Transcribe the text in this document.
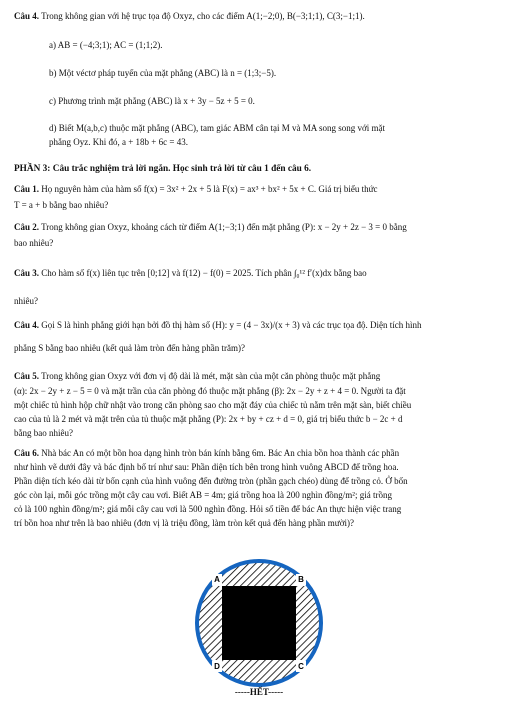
Câu 4. Trong không gian với hệ trục tọa độ Oxyz, cho các điểm A(1;−2;0), B(−3;1;1), C(3;−1;1).
a) AB = (−4;3;1); AC = (1;1;2).
b) Một véctơ pháp tuyến của mặt phẳng (ABC) là n = (1;3;−5).
c) Phương trình mặt phẳng (ABC) là x + 3y − 5z + 5 = 0.
d) Biết M(a,b,c) thuộc mặt phẳng (ABC), tam giác ABM cân tại M và MA song song với mặt
phẳng Oyz. Khi đó, a + 18b + 6c = 43.
PHẦN 3: Câu trắc nghiệm trả lời ngắn. Học sinh trả lời từ câu 1 đến câu 6.
Câu 1. Họ nguyên hàm của hàm số f(x) = 3x² + 2x + 5 là F(x) = ax³ + bx² + 5x + C. Giá trị biểu thức
T = a + b bằng bao nhiêu?
Câu 2. Trong không gian Oxyz, khoảng cách từ điểm A(1;−3;1) đến mặt phẳng (P): x − 2y + 2z − 3 = 0 bằng
bao nhiêu?
Câu 3. Cho hàm số f(x) liên tục trên [0;12] và f(12) − f(0) = 2025. Tích phân ∫₀¹² f′(x)dx bằng bao
nhiêu?
Câu 4. Gọi S là hình phẳng giới hạn bởi đồ thị hàm số (H): y = (4 − 3x)/(x + 3) và các trục tọa độ. Diện tích hình
phẳng S bằng bao nhiêu (kết quả làm tròn đến hàng phần trăm)?
Câu 5. Trong không gian Oxyz với đơn vị độ dài là mét, mặt sàn của một căn phòng thuộc mặt phẳng
(α): 2x − 2y + z − 5 = 0 và mặt trần của căn phòng đó thuộc mặt phẳng (β): 2x − 2y + z + 4 = 0. Người ta đặt
một chiếc tủ hình hộp chữ nhật vào trong căn phòng sao cho mặt đáy của chiếc tủ nằm trên mặt sàn, biết chiều
cao của tủ là 2 mét và mặt trên của tủ thuộc mặt phẳng (P): 2x + by + cz + d = 0, giá trị biểu thức b − 2c + d
bằng bao nhiêu?
Câu 6. Nhà bác An có một bồn hoa dạng hình tròn bán kính bằng 6m. Bác An chia bồn hoa thành các phần
như hình vẽ dưới đây và bác định bố trí như sau: Phần diện tích bên trong hình vuông ABCD để trồng hoa.
Phần diện tích kéo dài từ bốn cạnh của hình vuông đến đường tròn (phần gạch chéo) dùng để trồng cỏ. Ở bốn
góc còn lại, mỗi góc trồng một cây cau vơi. Biết AB = 4m; giá trồng hoa là 200 nghìn đồng/m²; giá trồng
cỏ là 100 nghìn đồng/m²; giá mỗi cây cau vơi là 500 nghìn đồng. Hỏi số tiền để bác An thực hiện việc trang
trí bồn hoa như trên là bao nhiêu (đơn vị là triệu đồng, làm tròn kết quả đến hàng phần mười)?
A	B
C
D
-----HẾT-----
